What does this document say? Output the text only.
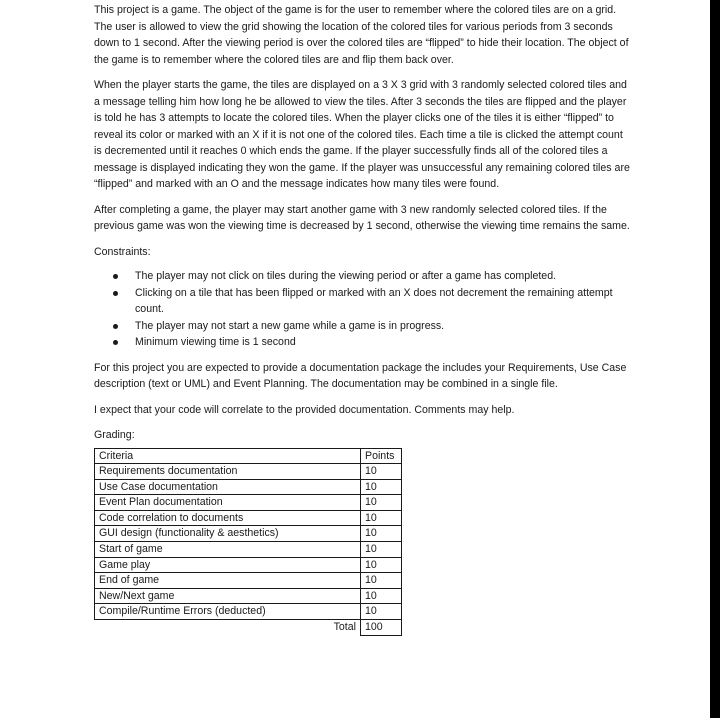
This project is a game. The object of the game is for the user to remember where the colored tiles are on a grid. The user is allowed to view the grid showing the location of the colored tiles for various periods from 3 seconds down to 1 second. After the viewing period is over the colored tiles are “flipped” to hide their location. The object of the game is to remember where the colored tiles are and flip them back over.

When the player starts the game, the tiles are displayed on a 3 X 3 grid with 3 randomly selected colored tiles and a message telling him how long he be allowed to view the tiles. After 3 seconds the tiles are flipped and the player is told he has 3 attempts to locate the colored tiles. When the player clicks one of the tiles it is either “flipped” to reveal its color or marked with an X if it is not one of the colored tiles. Each time a tile is clicked the attempt count is decremented until it reaches 0 which ends the game. If the player successfully finds all of the colored tiles a message is displayed indicating they won the game. If the player was unsuccessful any remaining colored tiles are “flipped” and marked with an O and the message indicates how many tiles were found.

After completing a game, the player may start another game with 3 new randomly selected colored tiles. If the previous game was won the viewing time is decreased by 1 second, otherwise the viewing time remains the same.

Constraints:

The player may not click on tiles during the viewing period or after a game has completed.
Clicking on a tile that has been flipped or marked with an X does not decrement the remaining attempt count.
The player may not start a new game while a game is in progress.
Minimum viewing time is 1 second

For this project you are expected to provide a documentation package the includes your Requirements, Use Case description (text or UML) and Event Planning. The documentation may be combined in a single file.

I expect that your code will correlate to the provided documentation. Comments may help.

Grading:

Criteria	Points
Requirements documentation	10
Use Case documentation	10
Event Plan documentation	10
Code correlation to documents	10
GUI design (functionality & aesthetics)	10
Start of game	10
Game play	10
End of game	10
New/Next game	10
Compile/Runtime Errors (deducted)	10
Total	100
